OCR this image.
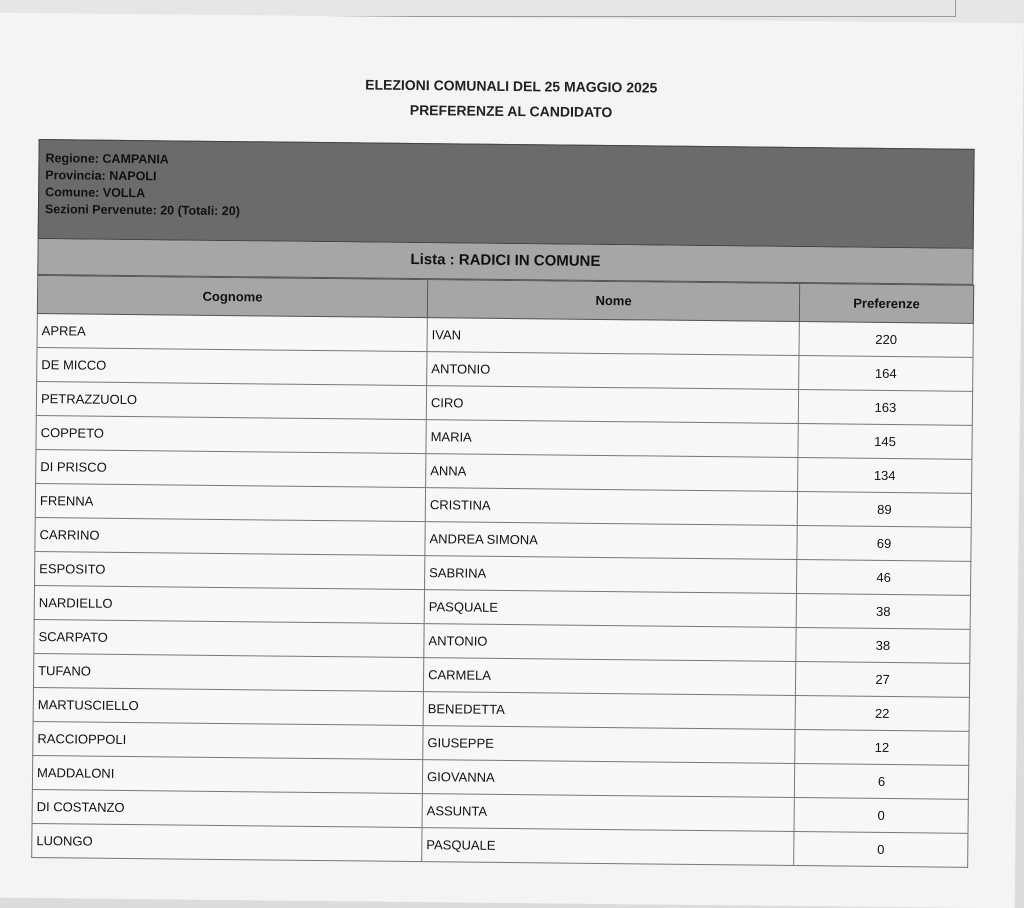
ELEZIONI COMUNALI DEL 25 MAGGIO 2025
PREFERENZE AL CANDIDATO
Regione: CAMPANIA
Provincia: NAPOLI
Comune: VOLLA
Sezioni Pervenute: 20 (Totali: 20)
Lista : RADICI IN COMUNE
Cognome	Nome	Preferenze
APREA	IVAN	220
DE MICCO	ANTONIO	164
PETRAZZUOLO	CIRO	163
COPPETO	MARIA	145
DI PRISCO	ANNA	134
FRENNA	CRISTINA	89
CARRINO	ANDREA SIMONA	69
ESPOSITO	SABRINA	46
NARDIELLO	PASQUALE	38
SCARPATO	ANTONIO	38
TUFANO	CARMELA	27
MARTUSCIELLO	BENEDETTA	22
RACCIOPPOLI	GIUSEPPE	12
MADDALONI	GIOVANNA	6
DI COSTANZO	ASSUNTA	0
LUONGO	PASQUALE	0
